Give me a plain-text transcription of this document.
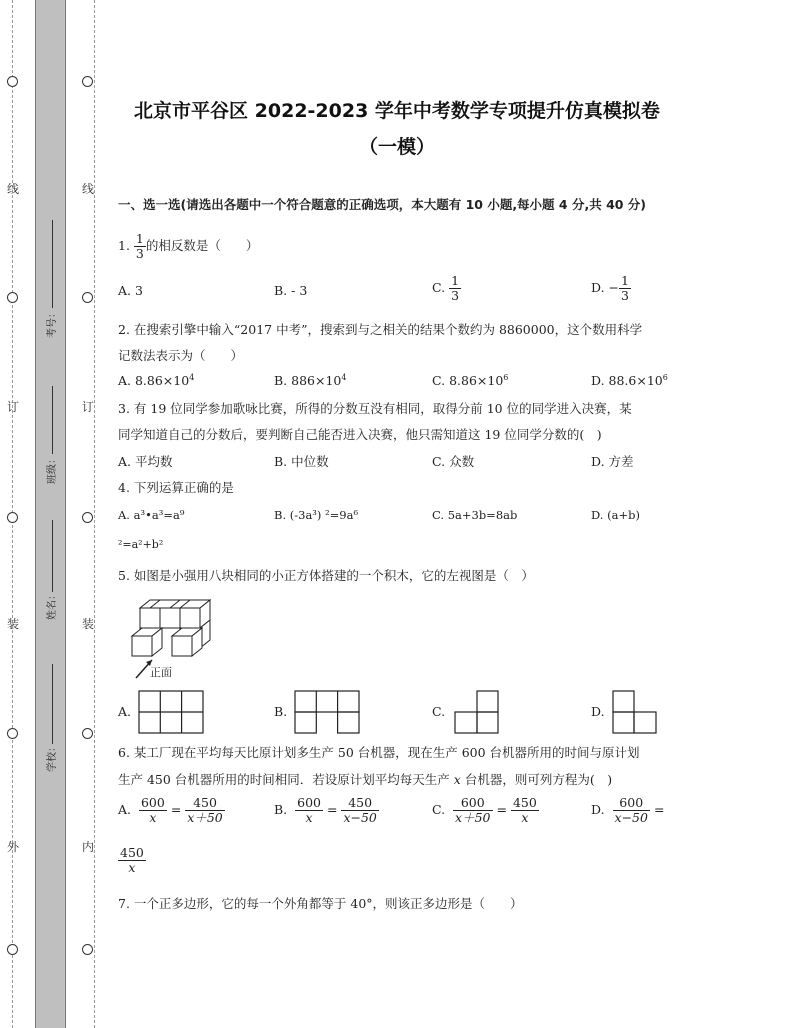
线
订
装
外
线
订
装
内
考号：
班级：
姓名：
学校：
北京市平谷区 2022-2023 学年中考数学专项提升仿真模拟卷
（一模）
一、选一选(请选出各题中一个符合题意的正确选项，本大题有 10 小题,每小题 4 分,共 40 分)
1. $\frac{1}{3}$ 的相反数是（　　）
A. 3	B. - 3	C. $\frac{1}{3}$	D. − $\frac{1}{3}$
2. 在搜索引擎中输入“2017 中考”，搜索到与之相关的结果个数约为 8860000，这个数用科学
记数法表示为（　　）
A. $8.86\times 10^4$	B. $886\times 10^4$	C. $8.86\times 10^6$	D. $88.6\times 10^6$
3. 有 19 位同学参加歌咏比赛，所得的分数互没有相同，取得分前 10 位的同学进入决赛，某
同学知道自己的分数后，要判断自己能否进入决赛，他只需知道这 19 位同学分数的(　)
A. 平均数	B. 中位数	C. 众数	D. 方差
4. 下列运算正确的是
A. a³•a³=a⁹	B. (-3a³) ²=9a⁶	C. 5a+3b=8ab	D. (a+b)
²=a²+b²
5. 如图是小强用八块相同的小正方体搭建的一个积木，它的左视图是（　）
正面
A.	B.	C.	D.
6. 某工厂现在平均每天比原计划多生产 50 台机器，现在生产 600 台机器所用的时间与原计划
生产 450 台机器所用的时间相同．若设原计划平均每天生产 x 台机器，则可列方程为(　)
A. $\frac{600}{x} = \frac{450}{x+50}$	B. $\frac{600}{x} = \frac{450}{x-50}$	C. $\frac{600}{x+50} = \frac{450}{x}$	D. $\frac{600}{x-50}$ =
$\frac{450}{x}$
7. 一个正多边形，它的每一个外角都等于 40°，则该正多边形是（　　）
